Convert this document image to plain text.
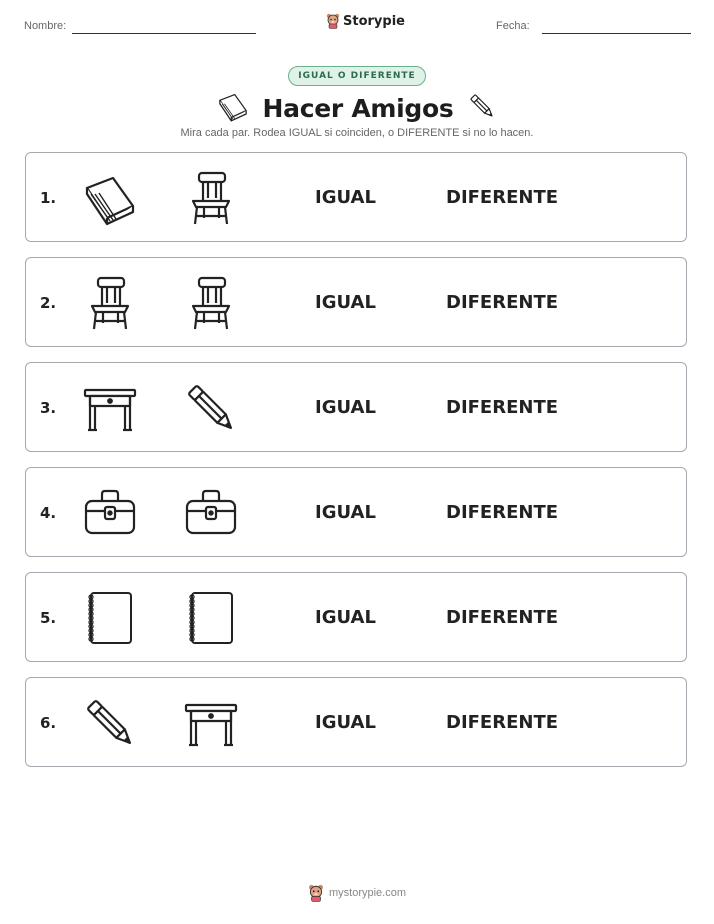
Nombre:	Storypie	Fecha:
IGUAL O DIFERENTE
Hacer Amigos
Mira cada par. Rodea IGUAL si coinciden, o DIFERENTE si no lo hacen.
1.	IGUAL	DIFERENTE
2.	IGUAL	DIFERENTE
3.	IGUAL	DIFERENTE
4.	IGUAL	DIFERENTE
5.	IGUAL	DIFERENTE
6.	IGUAL	DIFERENTE
mystorypie.com
